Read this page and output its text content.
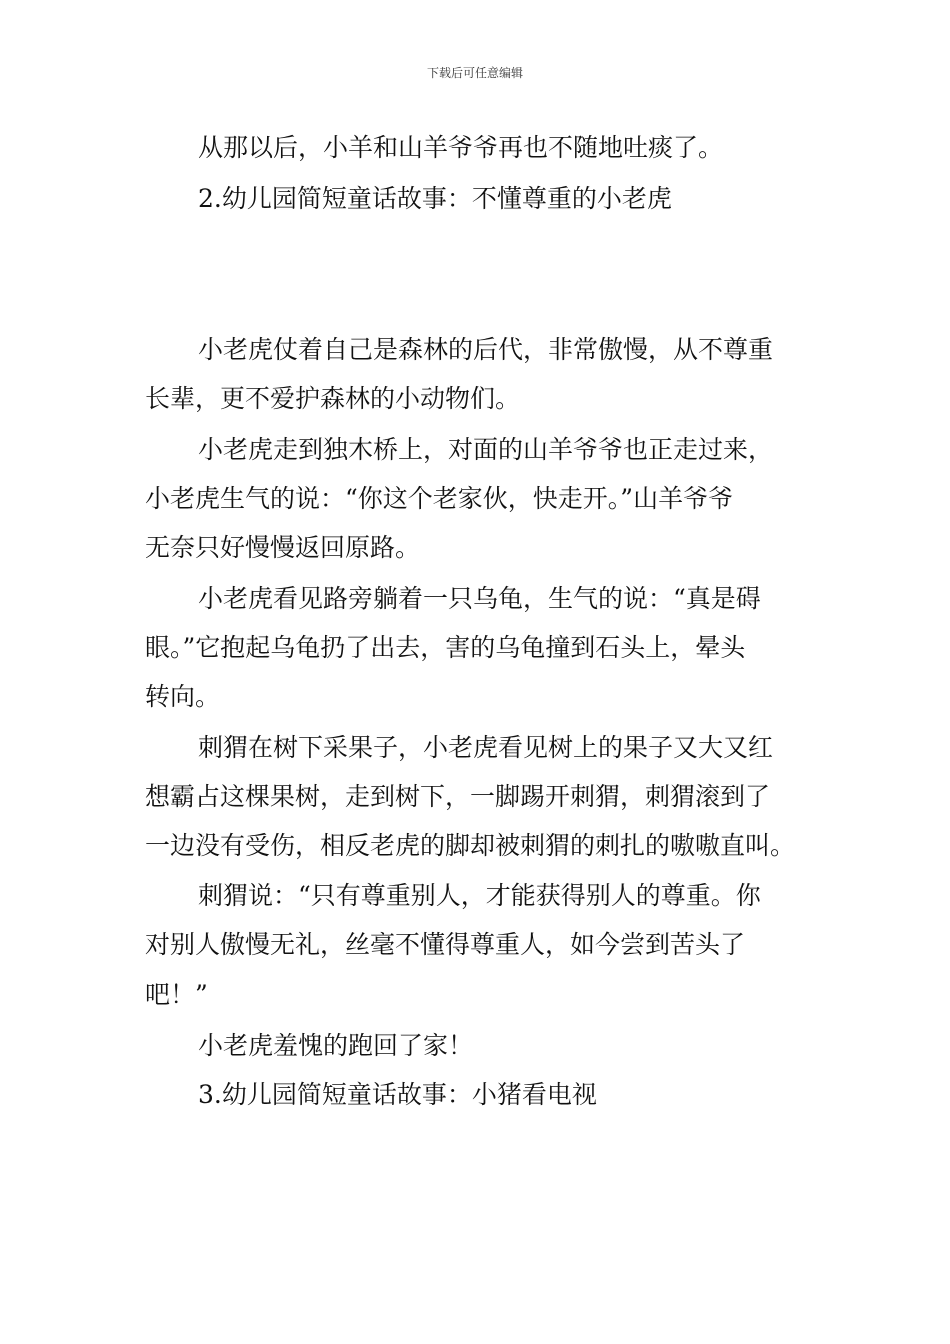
下载后可任意编辑
从那以后，小羊和山羊爷爷再也不随地吐痰了。
2.幼儿园简短童话故事：不懂尊重的小老虎
小老虎仗着自己是森林的后代，非常傲慢，从不尊重
长辈，更不爱护森林的小动物们。
小老虎走到独木桥上，对面的山羊爷爷也正走过来，
小老虎生气的说：“你这个老家伙，快走开。”山羊爷爷
无奈只好慢慢返回原路。
小老虎看见路旁躺着一只乌龟，生气的说：“真是碍
眼。”它抱起乌龟扔了出去，害的乌龟撞到石头上，晕头
转向。
刺猬在树下采果子，小老虎看见树上的果子又大又红
想霸占这棵果树，走到树下，一脚踢开刺猬，刺猬滚到了
一边没有受伤，相反老虎的脚却被刺猬的刺扎的嗷嗷直叫。
刺猬说：“只有尊重别人，才能获得别人的尊重。你
对别人傲慢无礼，丝毫不懂得尊重人，如今尝到苦头了
吧！”
小老虎羞愧的跑回了家！
3.幼儿园简短童话故事：小猪看电视
